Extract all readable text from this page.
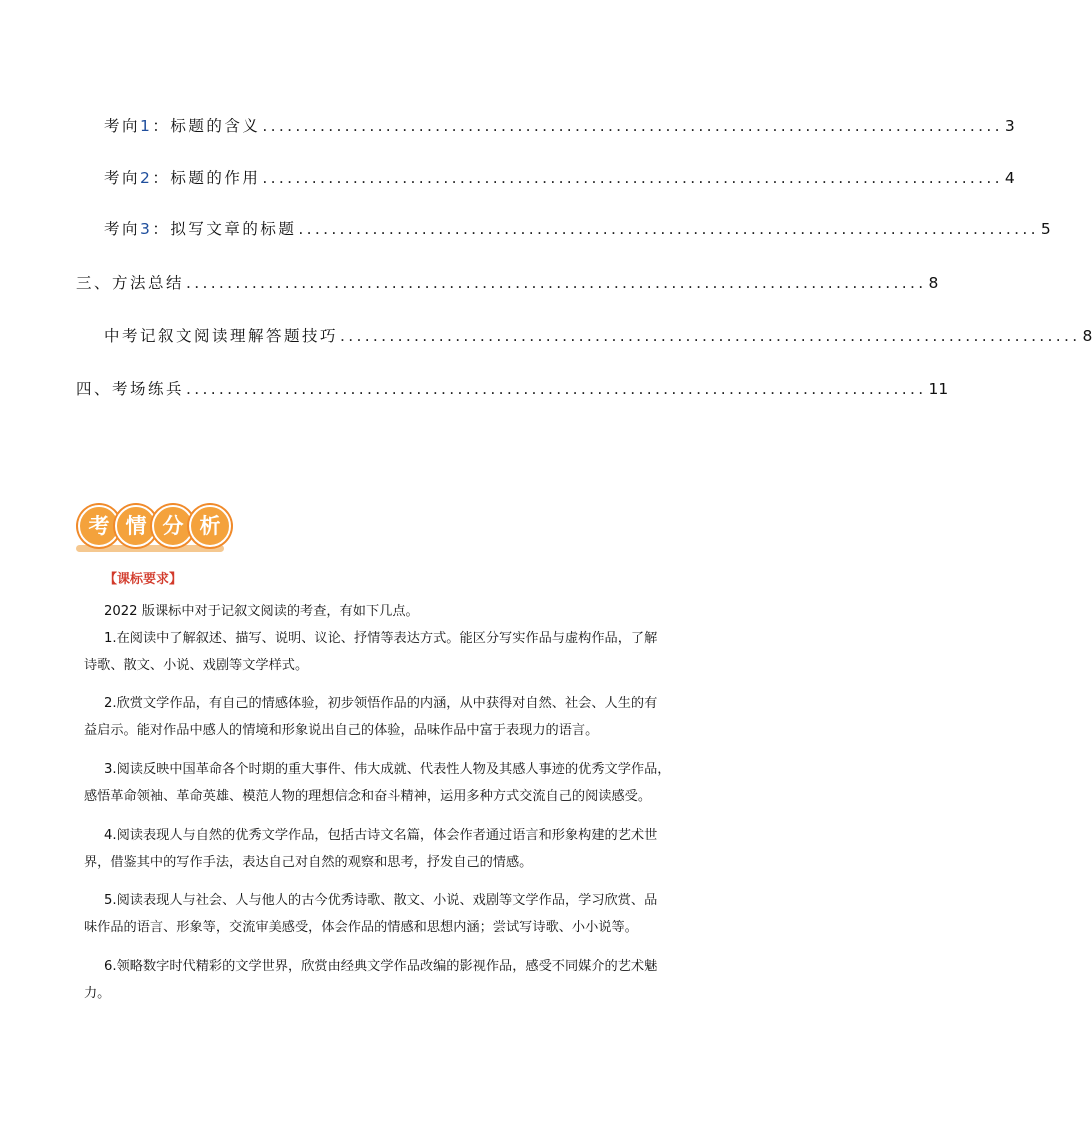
考向1：标题的含义 .......................................................................................... 3
考向2：标题的作用 .......................................................................................... 4
考向3：拟写文章的标题 .......................................................................................... 5
三、方法总结 .......................................................................................... 8
中考记叙文阅读理解答题技巧 .......................................................................................... 8
四、考场练兵 .......................................................................................... 11
考 情 分 析
【课标要求】
2022 版课标中对于记叙文阅读的考查，有如下几点。
1.在阅读中了解叙述、描写、说明、议论、抒情等表达方式。能区分写实作品与虚构作品，了解
诗歌、散文、小说、戏剧等文学样式。
2.欣赏文学作品，有自己的情感体验，初步领悟作品的内涵，从中获得对自然、社会、人生的有
益启示。能对作品中感人的情境和形象说出自己的体验，品味作品中富于表现力的语言。
3.阅读反映中国革命各个时期的重大事件、伟大成就、代表性人物及其感人事迹的优秀文学作品，
感悟革命领袖、革命英雄、模范人物的理想信念和奋斗精神，运用多种方式交流自己的阅读感受。
4.阅读表现人与自然的优秀文学作品，包括古诗文名篇，体会作者通过语言和形象构建的艺术世
界，借鉴其中的写作手法，表达自己对自然的观察和思考，抒发自己的情感。
5.阅读表现人与社会、人与他人的古今优秀诗歌、散文、小说、戏剧等文学作品，学习欣赏、品
味作品的语言、形象等，交流审美感受，体会作品的情感和思想内涵；尝试写诗歌、小小说等。
6.领略数字时代精彩的文学世界，欣赏由经典文学作品改编的影视作品，感受不同媒介的艺术魅
力。
